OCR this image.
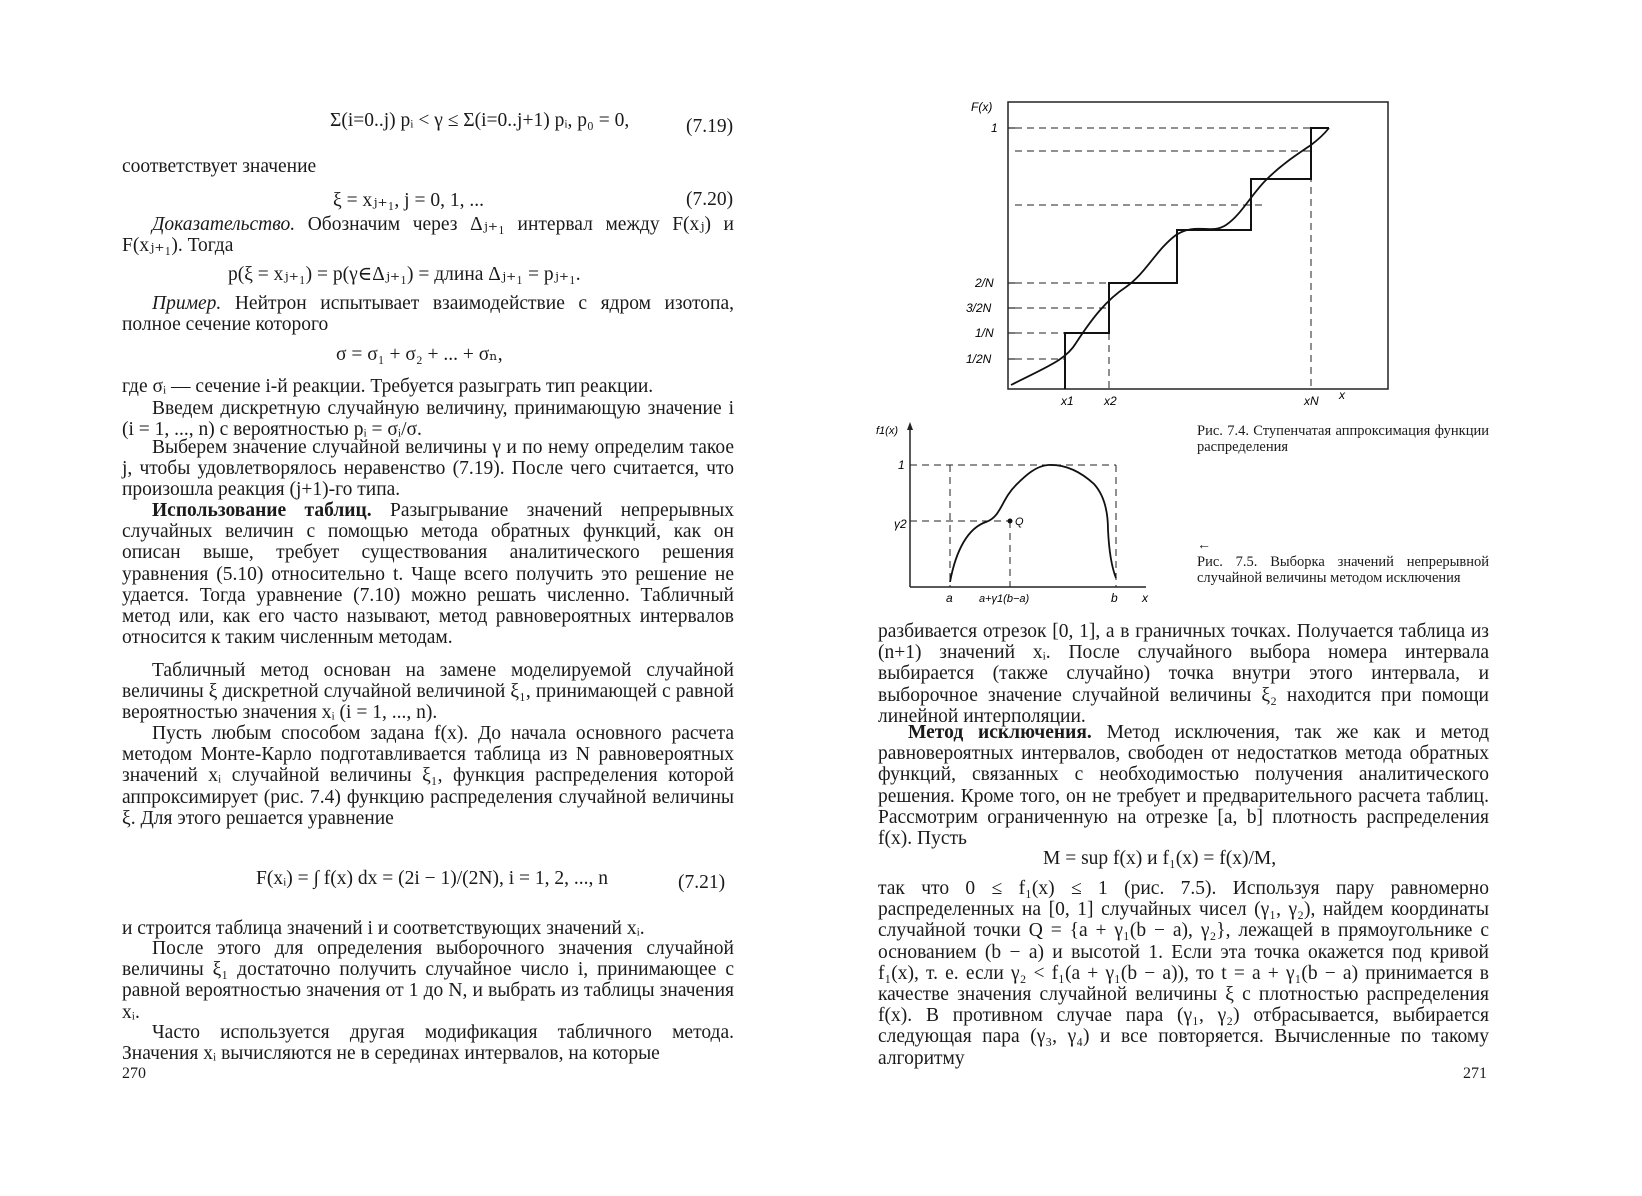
Σ(i=0..j) pᵢ < γ ≤ Σ(i=0..j+1) pᵢ, p₀ = 0,	(7.19)

соответствует значение

ξ = xⱼ₊₁, j = 0, 1, ...	(7.20)

Доказательство. Обозначим через Δⱼ₊₁ интервал между F(xⱼ) и F(xⱼ₊₁). Тогда

p(ξ = xⱼ₊₁) = p(γ∈Δⱼ₊₁) = длина Δⱼ₊₁ = pⱼ₊₁.

Пример. Нейтрон испытывает взаимодействие с ядром изотопа, полное сечение которого

σ = σ₁ + σ₂ + ... + σₙ,

где σᵢ — сечение i-й реакции. Требуется разыграть тип реакции.

Введем дискретную случайную величину, принимающую значение i (i = 1, ..., n) с вероятностью pᵢ = σᵢ/σ.

Выберем значение случайной величины γ и по нему определим такое j, чтобы удовлетворялось неравенство (7.19). После чего считается, что произошла реакция (j+1)-го типа.

Использование таблиц. Разыгрывание значений непрерывных случайных величин с помощью метода обратных функций, как он описан выше, требует существования аналитического решения уравнения (5.10) относительно t. Чаще всего получить это решение не удается. Тогда уравнение (7.10) можно решать численно. Табличный метод или, как его часто называют, метод равновероятных интервалов относится к таким численным методам.

Табличный метод основан на замене моделируемой случайной величины ξ дискретной случайной величиной ξ₁, принимающей с равной вероятностью значения xᵢ (i = 1, ..., n).

Пусть любым способом задана f(x). До начала основного расчета методом Монте-Карло подготавливается таблица из N равновероятных значений xᵢ случайной величины ξ₁, функция распределения которой аппроксимирует (рис. 7.4) функцию распределения случайной величины ξ. Для этого решается уравнение

F(xᵢ) = ∫ f(x) dx = (2i − 1)/(2N), i = 1, 2, ..., n	(7.21)

и строится таблица значений i и соответствующих значений xᵢ.

После этого для определения выборочного значения случайной величины ξ₁ достаточно получить случайное число i, принимающее с равной вероятностью значения от 1 до N, и выбрать из таблицы значения xᵢ.

Часто используется другая модификация табличного метода. Значения xᵢ вычисляются не в серединах интервалов, на которые

270
F(x)
x
1
2/N
3/2N
1/N
1/2N
x1	x2	xN

Рис. 7.4. Ступенчатая аппроксимация функции распределения

f1(x)
1
γ2	Q
a a+γ1(b−a)	b x
←

Рис. 7.5. Выборка значений непрерывной случайной величины методом исключения

разбивается отрезок [0, 1], а в граничных точках. Получается таблица из (n+1) значений xᵢ. После случайного выбора номера интервала выбирается (также случайно) точка внутри этого интервала, и выборочное значение случайной величины ξ₂ находится при помощи линейной интерполяции.

Метод исключения. Метод исключения, так же как и метод равновероятных интервалов, свободен от недостатков метода обратных функций, связанных с необходимостью получения аналитического решения. Кроме того, он не требует и предварительного расчета таблиц. Рассмотрим ограниченную на отрезке [a, b] плотность распределения f(x). Пусть

M = sup f(x) и f₁(x) = f(x)/M,

так что 0 ≤ f₁(x) ≤ 1 (рис. 7.5). Используя пару равномерно распределенных на [0, 1] случайных чисел (γ₁, γ₂), найдем координаты случайной точки Q = {a + γ₁(b − a), γ₂}, лежащей в прямоугольнике с основанием (b − a) и высотой 1. Если эта точка окажется под кривой f₁(x), т. е. если γ₂ < f₁(a + γ₁(b − a)), то t = a + γ₁(b − a) принимается в качестве значения случайной величины ξ с плотностью распределения f(x). В противном случае пара (γ₁, γ₂) отбрасывается, выбирается следующая пара (γ₃, γ₄) и все повторяется. Вычисленные по такому алгоритму

271
